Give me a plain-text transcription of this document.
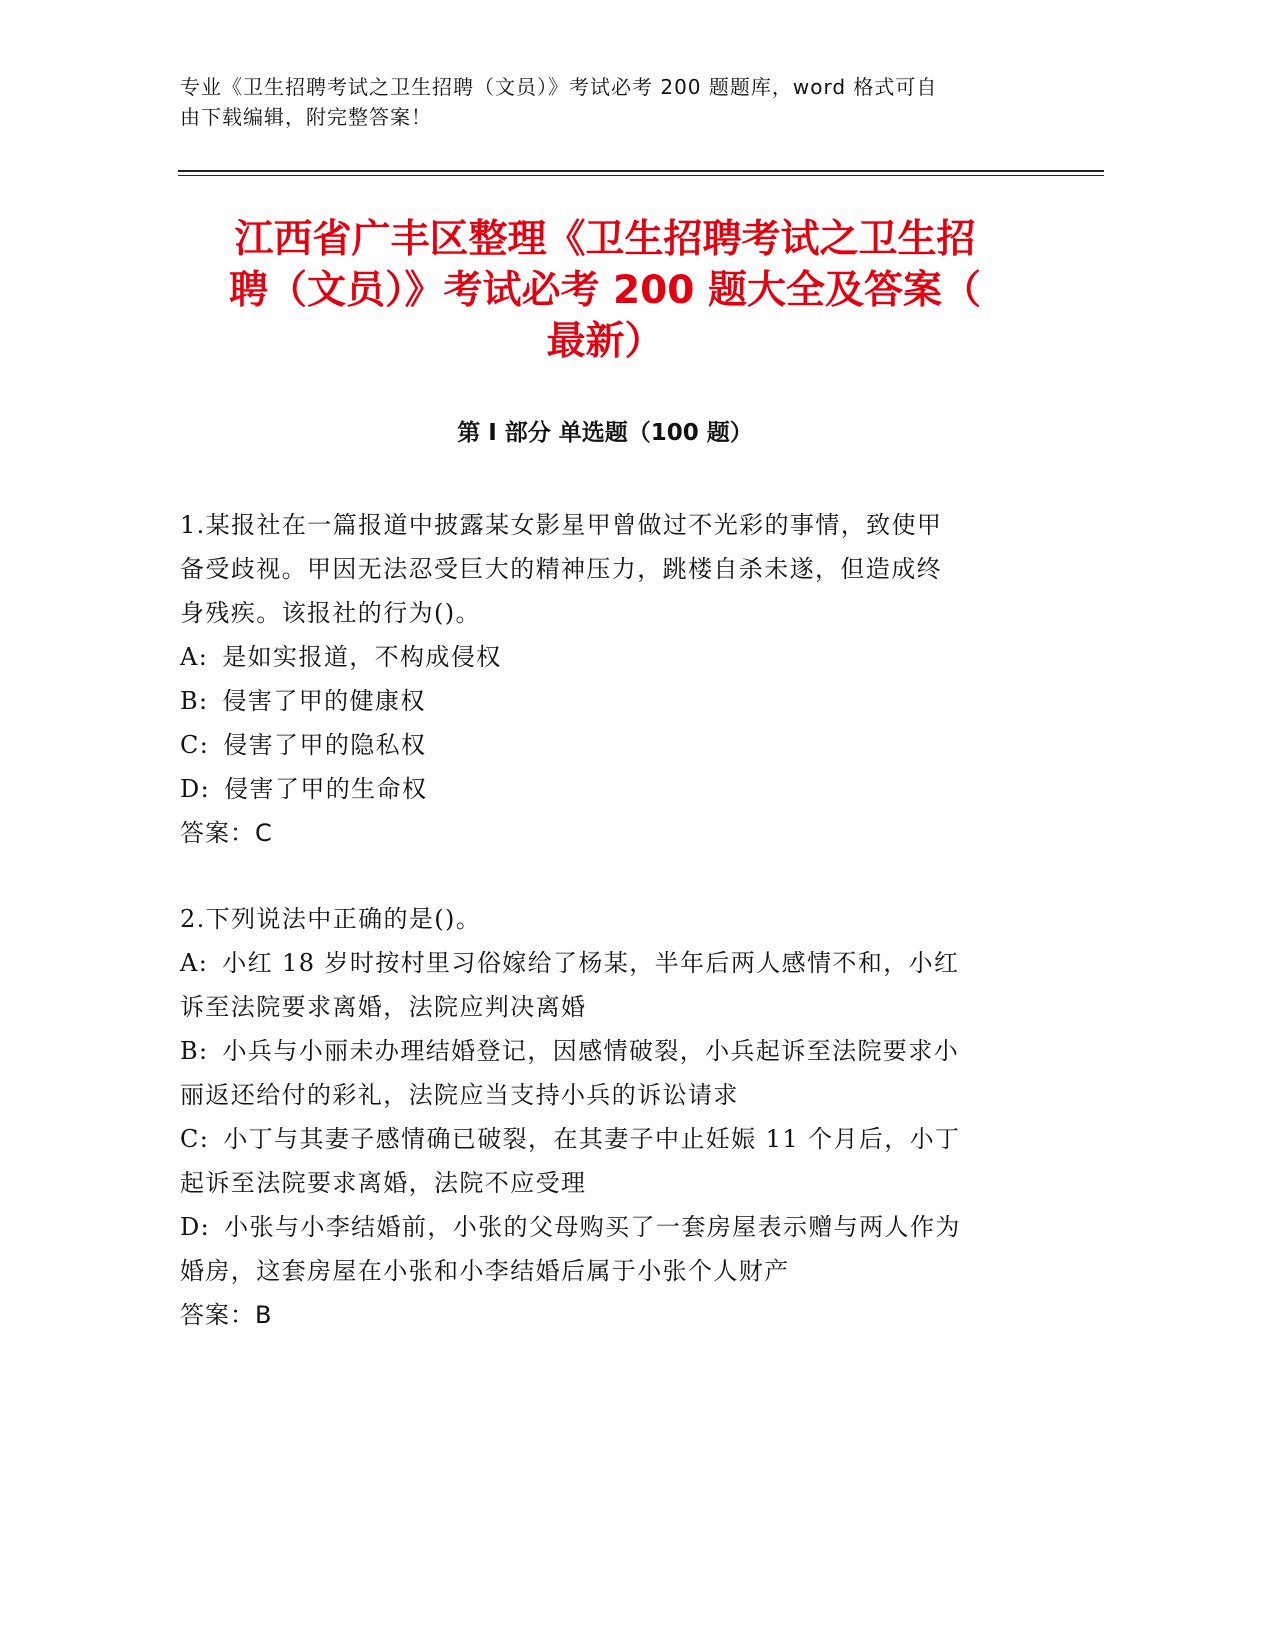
专业《卫生招聘考试之卫生招聘（文员）》考试必考 200 题题库，word 格式可自
由下载编辑，附完整答案！
江西省广丰区整理《卫生招聘考试之卫生招
聘（文员）》考试必考 200 题大全及答案（
最新）
第 I 部分 单选题（100 题）
1.某报社在一篇报道中披露某女影星甲曾做过不光彩的事情，致使甲
备受歧视。甲因无法忍受巨大的精神压力，跳楼自杀未遂，但造成终
身残疾。该报社的行为()。
A: 是如实报道，不构成侵权
B: 侵害了甲的健康权
C: 侵害了甲的隐私权
D: 侵害了甲的生命权
答案：C
2.下列说法中正确的是()。
A: 小红 18 岁时按村里习俗嫁给了杨某，半年后两人感情不和，小红
诉至法院要求离婚，法院应判决离婚
B: 小兵与小丽未办理结婚登记，因感情破裂，小兵起诉至法院要求小
丽返还给付的彩礼，法院应当支持小兵的诉讼请求
C: 小丁与其妻子感情确已破裂，在其妻子中止妊娠 11 个月后，小丁
起诉至法院要求离婚，法院不应受理
D: 小张与小李结婚前，小张的父母购买了一套房屋表示赠与两人作为
婚房，这套房屋在小张和小李结婚后属于小张个人财产
答案：B
